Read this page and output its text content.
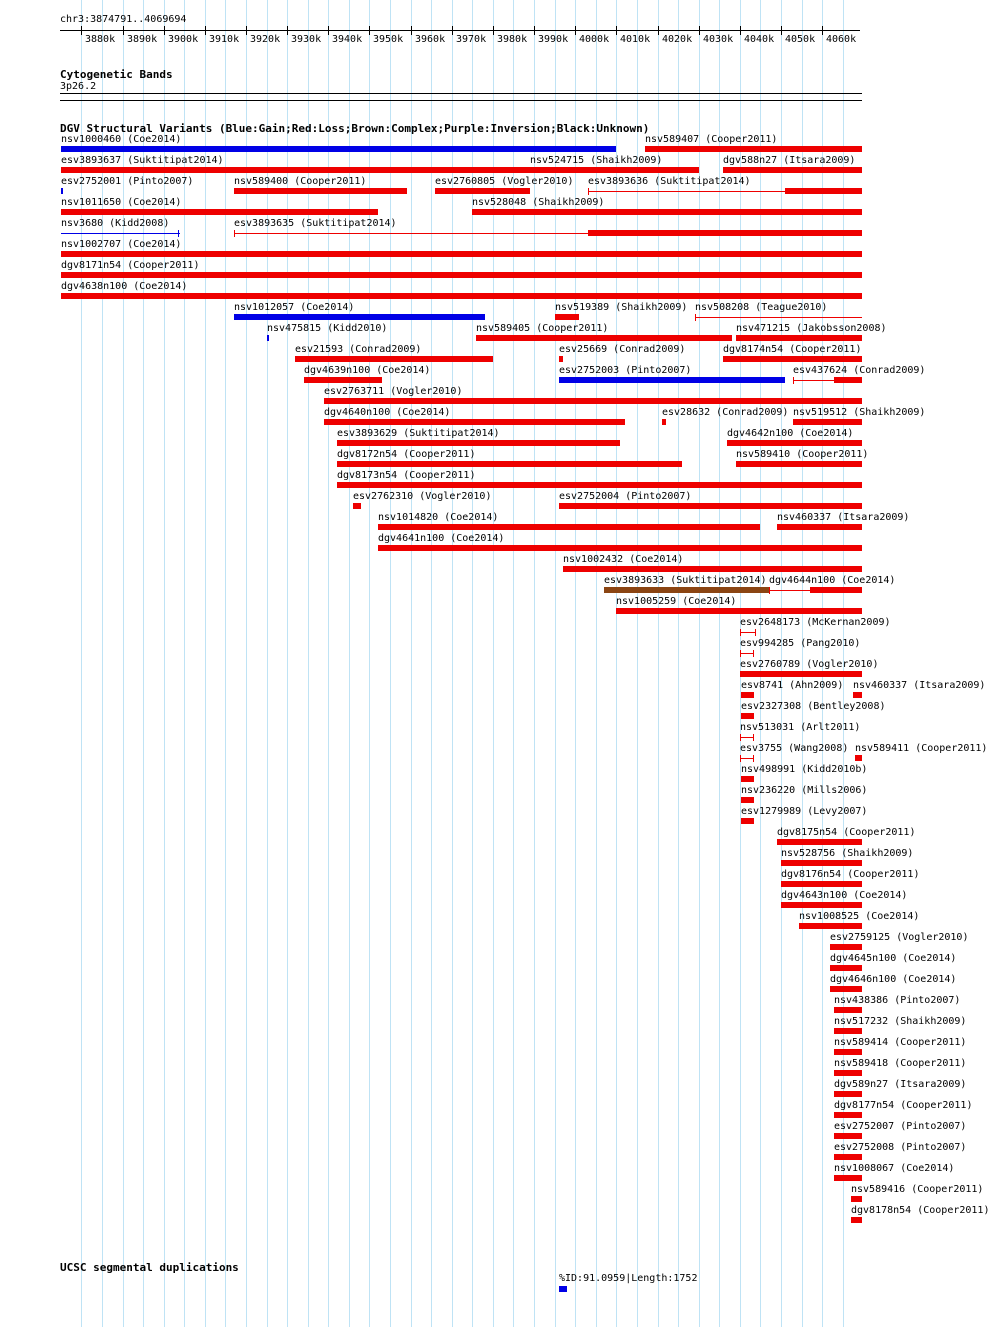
chr3:3874791..4069694
3880k 3890k 3900k 3910k 3920k 3930k 3940k 3950k 3960k 3970k 3980k 3990k 4000k 4010k 4020k 4030k 4040k 4050k 4060k
Cytogenetic Bands
3p26.2
DGV Structural Variants (Blue:Gain;Red:Loss;Brown:Complex;Purple:Inversion;Black:Unknown)
nsv1000460 (Coe2014)	nsv589407 (Cooper2011)
esv3893637 (Suktitipat2014)	nsv524715 (Shaikh2009)	dgv588n27 (Itsara2009)
esv2752001 (Pinto2007)	nsv589400 (Cooper2011)	esv2760805 (Vogler2010) esv3893636 (Suktitipat2014)
nsv1011650 (Coe2014)	nsv528048 (Shaikh2009)
nsv3680 (Kidd2008)	esv3893635 (Suktitipat2014)
nsv1002707 (Coe2014)
dgv8171n54 (Cooper2011)
dgv4638n100 (Coe2014)
nsv1012057 (Coe2014)	nsv519389 (Shaikh2009) nsv508208 (Teague2010)
nsv475815 (Kidd2010)	nsv589405 (Cooper2011)	nsv471215 (Jakobsson2008)
esv21593 (Conrad2009)	esv25669 (Conrad2009)	dgv8174n54 (Cooper2011)
dgv4639n100 (Coe2014)	esv2752003 (Pinto2007)	esv437624 (Conrad2009)
esv2763711 (Vogler2010)
dgv4640n100 (Coe2014)	esv28632 (Conrad2009) nsv519512 (Shaikh2009)
esv3893629 (Suktitipat2014)	dgv4642n100 (Coe2014)
dgv8172n54 (Cooper2011)	nsv589410 (Cooper2011)
dgv8173n54 (Cooper2011)
esv2762310 (Vogler2010)	esv2752004 (Pinto2007)
nsv1014820 (Coe2014)	nsv460337 (Itsara2009)
dgv4641n100 (Coe2014)
nsv1002432 (Coe2014)
esv3893633 (Suktitipat2014) dgv4644n100 (Coe2014)
nsv1005259 (Coe2014)
esv2648173 (McKernan2009)
esv994285 (Pang2010)
esv2760789 (Vogler2010)
esv8741 (Ahn2009) nsv460337 (Itsara2009)
esv2327308 (Bentley2008)
nsv513031 (Arlt2011)
esv3755 (Wang2008) nsv589411 (Cooper2011)
nsv498991 (Kidd2010b)
nsv236220 (Mills2006)
esv1279989 (Levy2007)
dgv8175n54 (Cooper2011)
nsv528756 (Shaikh2009)
dgv8176n54 (Cooper2011)
dgv4643n100 (Coe2014)
nsv1008525 (Coe2014)
esv2759125 (Vogler2010)
dgv4645n100 (Coe2014)
dgv4646n100 (Coe2014)
nsv438386 (Pinto2007)
nsv517232 (Shaikh2009)
nsv589414 (Cooper2011)
nsv589418 (Cooper2011)
dgv589n27 (Itsara2009)
dgv8177n54 (Cooper2011)
esv2752007 (Pinto2007)
esv2752008 (Pinto2007)
nsv1008067 (Coe2014)
nsv589416 (Cooper2011)
dgv8178n54 (Cooper2011)
UCSC segmental duplications
%ID:91.0959|Length:1752
